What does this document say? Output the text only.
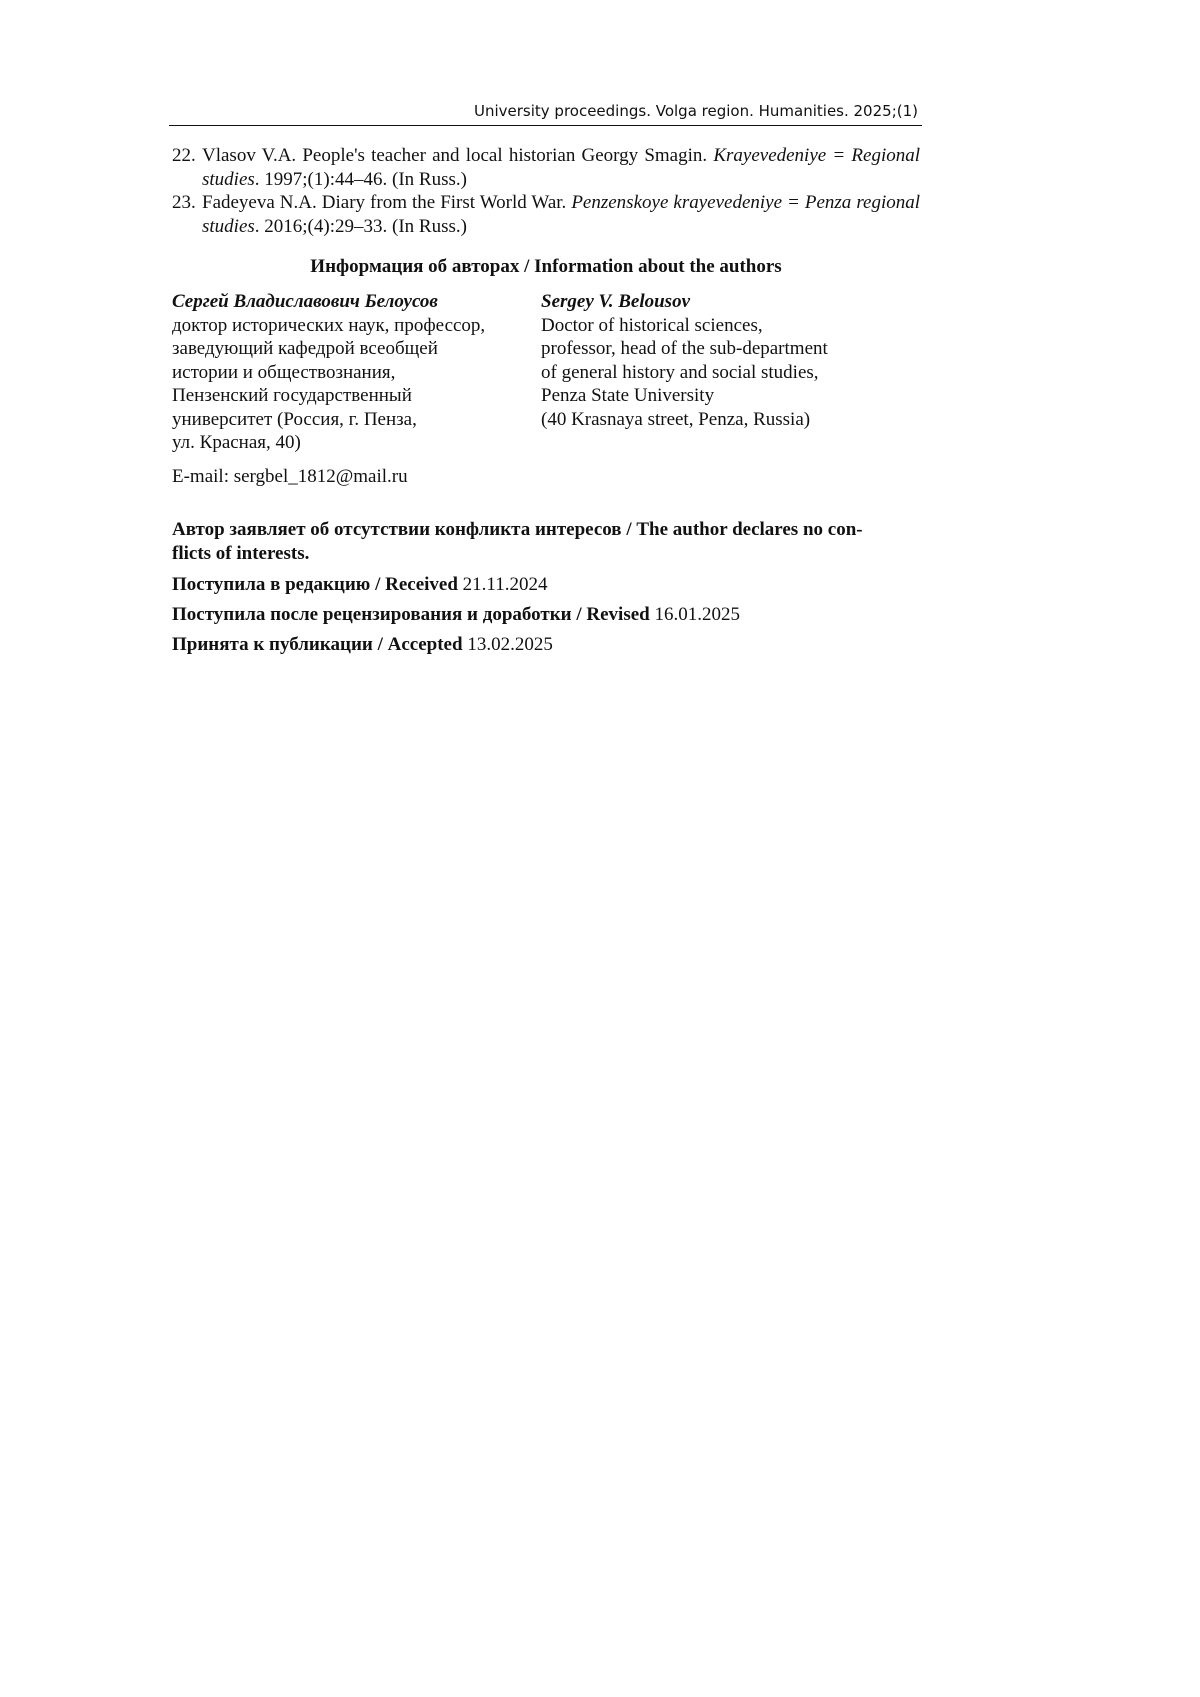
University proceedings. Volga region. Humanities. 2025;(1)
22. Vlasov V.A. People's teacher and local historian Georgy Smagin. Krayevedeniye = Regional studies. 1997;(1):44–46. (In Russ.)
23. Fadeyeva N.A. Diary from the First World War. Penzenskoye krayevedeniye = Penza regional studies. 2016;(4):29–33. (In Russ.)
Информация об авторах / Information about the authors
Сергей Владиславович Белоусов
доктор исторических наук, профессор,
заведующий кафедрой всеобщей
истории и обществознания,
Пензенский государственный
университет (Россия, г. Пенза,
ул. Красная, 40)
Sergey V. Belousov
Doctor of historical sciences,
professor, head of the sub-department
of general history and social studies,
Penza State University
(40 Krasnaya street, Penza, Russia)
E-mail: sergbel_1812@mail.ru
Автор заявляет об отсутствии конфликта интересов / The author declares no con-
flicts of interests.
Поступила в редакцию / Received 21.11.2024
Поступила после рецензирования и доработки / Revised 16.01.2025
Принята к публикации / Accepted 13.02.2025
